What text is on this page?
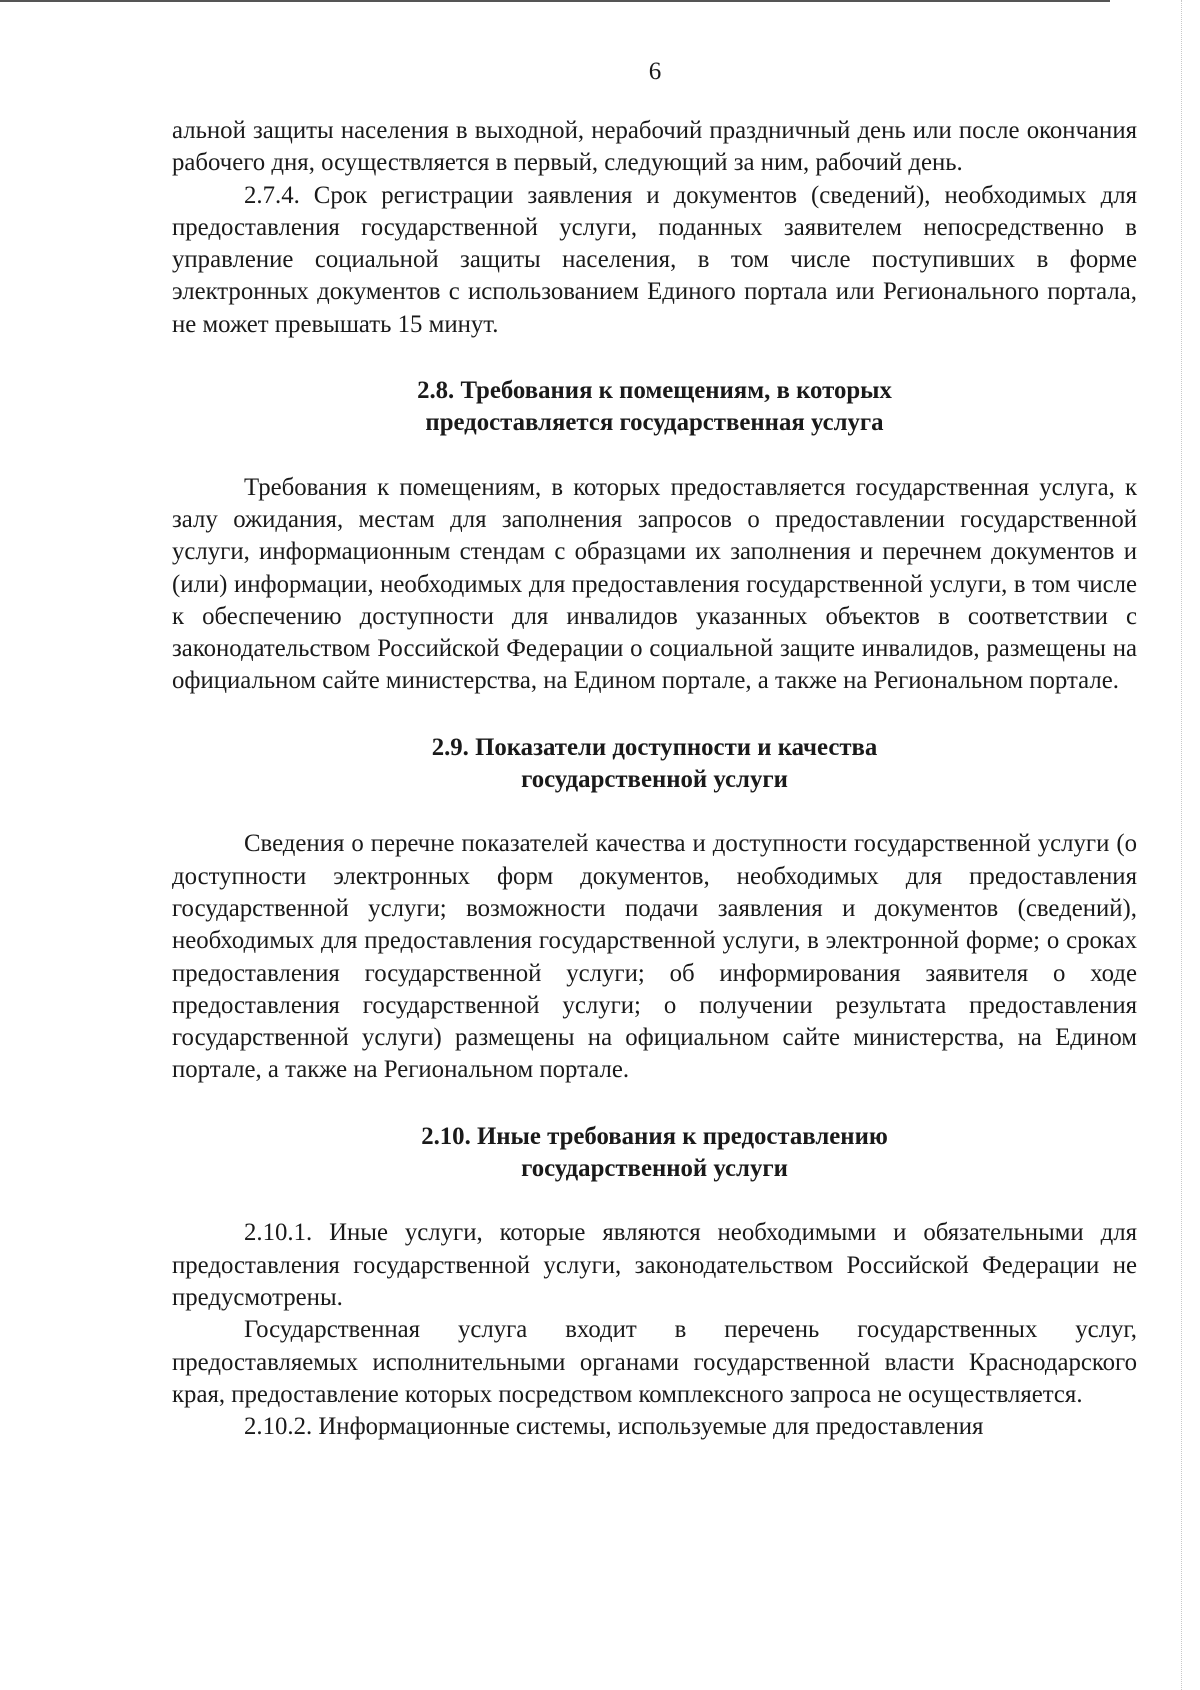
6

альной защиты населения в выходной, нерабочий праздничный день или после окончания рабочего дня, осуществляется в первый, следующий за ним, рабочий день.

2.7.4. Срок регистрации заявления и документов (сведений), необходимых для предоставления государственной услуги, поданных заявителем непосредственно в управление социальной защиты населения, в том числе поступивших в форме электронных документов с использованием Единого портала или Регионального портала, не может превышать 15 минут.

2.8. Требования к помещениям, в которых
предоставляется государственная услуга

Требования к помещениям, в которых предоставляется государственная услуга, к залу ожидания, местам для заполнения запросов о предоставлении государственной услуги, информационным стендам с образцами их заполнения и перечнем документов и (или) информации, необходимых для предоставления государственной услуги, в том числе к обеспечению доступности для инвалидов указанных объектов в соответствии с законодательством Российской Федерации о социальной защите инвалидов, размещены на официальном сайте министерства, на Едином портале, а также на Региональном портале.

2.9. Показатели доступности и качества
государственной услуги

Сведения о перечне показателей качества и доступности государственной услуги (о доступности электронных форм документов, необходимых для предоставления государственной услуги; возможности подачи заявления и документов (сведений), необходимых для предоставления государственной услуги, в электронной форме; о сроках предоставления государственной услуги; об информирования заявителя о ходе предоставления государственной услуги; о получении результата предоставления государственной услуги) размещены на официальном сайте министерства, на Едином портале, а также на Региональном портале.

2.10. Иные требования к предоставлению
государственной услуги

2.10.1. Иные услуги, которые являются необходимыми и обязательными для предоставления государственной услуги, законодательством Российской Федерации не предусмотрены.

Государственная услуга входит в перечень государственных услуг, предоставляемых исполнительными органами государственной власти Краснодарского края, предоставление которых посредством комплексного запроса не осуществляется.

2.10.2. Информационные системы, используемые для предоставления
